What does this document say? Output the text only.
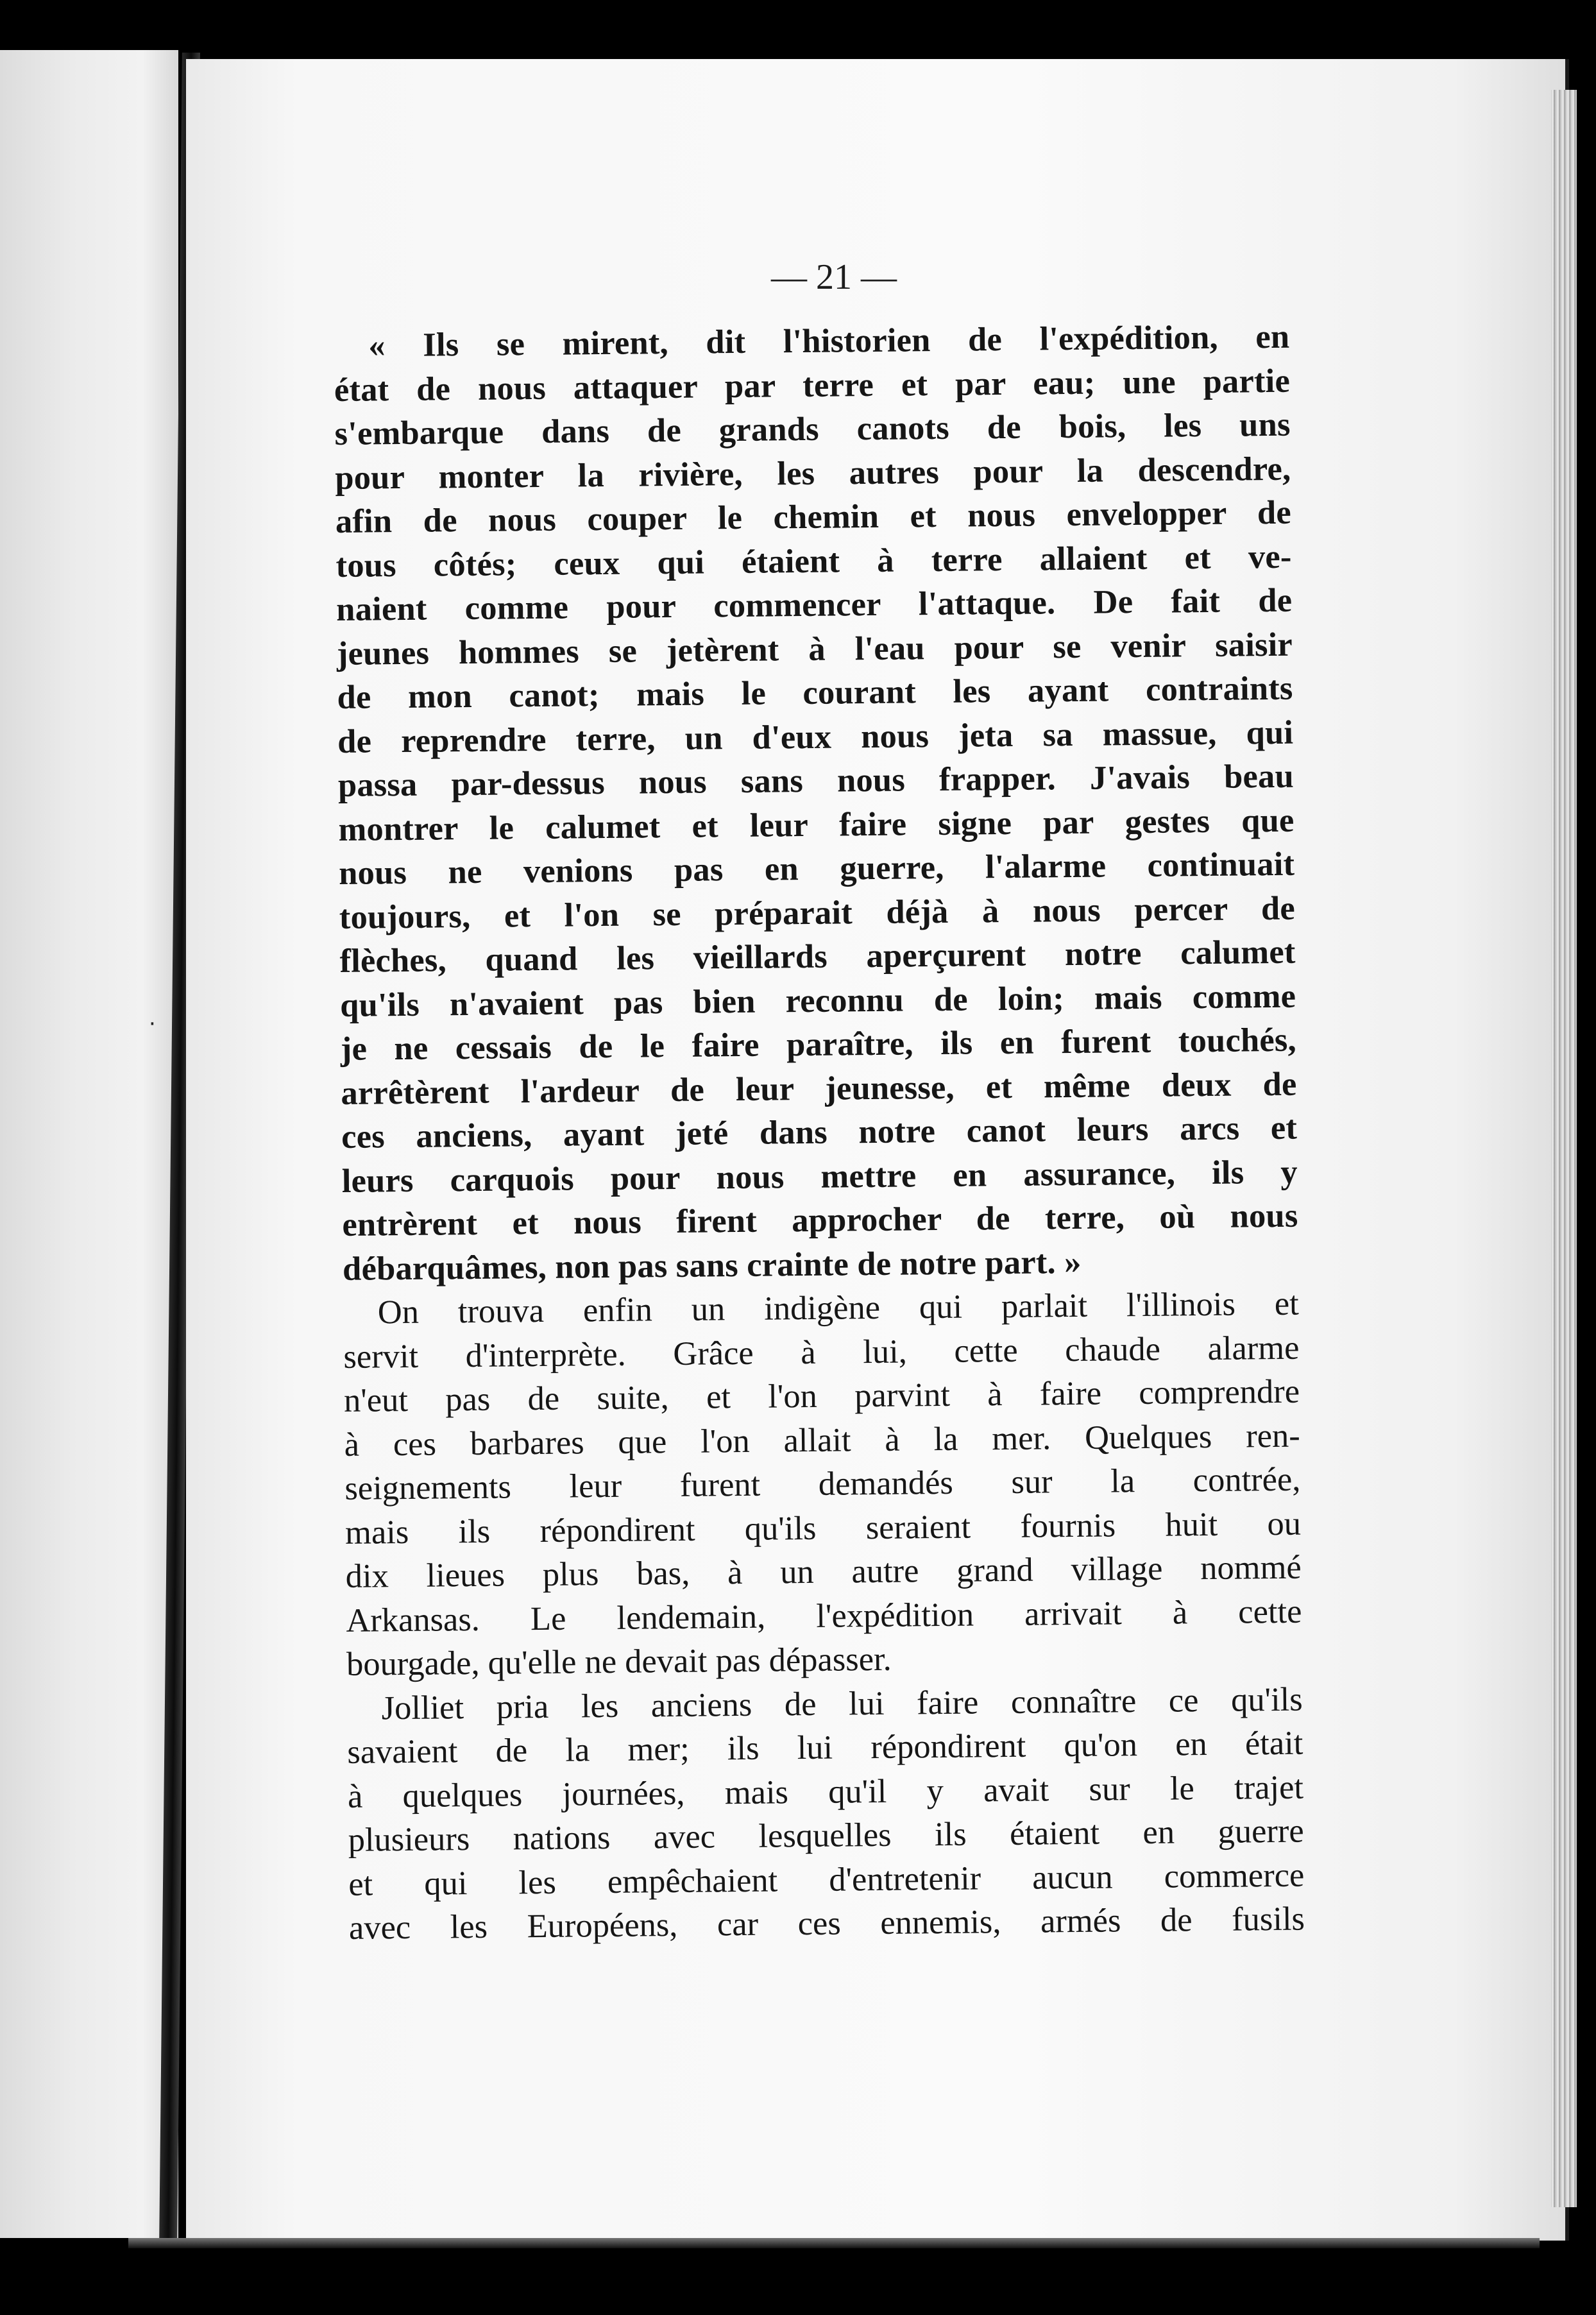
·
— 21 —
« Ils se mirent, dit l'historien de l'expédition, en
état de nous attaquer par terre et par eau; une partie
s'embarque dans de grands canots de bois, les uns
pour monter la rivière, les autres pour la descendre,
afin de nous couper le chemin et nous envelopper de
tous côtés; ceux qui étaient à terre allaient et ve-
naient comme pour commencer l'attaque. De fait de
jeunes hommes se jetèrent à l'eau pour se venir saisir
de mon canot; mais le courant les ayant contraints
de reprendre terre, un d'eux nous jeta sa massue, qui
passa par-dessus nous sans nous frapper. J'avais beau
montrer le calumet et leur faire signe par gestes que
nous ne venions pas en guerre, l'alarme continuait
toujours, et l'on se préparait déjà à nous percer de
flèches, quand les vieillards aperçurent notre calumet
qu'ils n'avaient pas bien reconnu de loin; mais comme
je ne cessais de le faire paraître, ils en furent touchés,
arrêtèrent l'ardeur de leur jeunesse, et même deux de
ces anciens, ayant jeté dans notre canot leurs arcs et
leurs carquois pour nous mettre en assurance, ils y
entrèrent et nous firent approcher de terre, où nous
débarquâmes, non pas sans crainte de notre part. »
On trouva enfin un indigène qui parlait l'illinois et
servit d'interprète. Grâce à lui, cette chaude alarme
n'eut pas de suite, et l'on parvint à faire comprendre
à ces barbares que l'on allait à la mer. Quelques ren-
seignements leur furent demandés sur la contrée,
mais ils répondirent qu'ils seraient fournis huit ou
dix lieues plus bas, à un autre grand village nommé
Arkansas. Le lendemain, l'expédition arrivait à cette
bourgade, qu'elle ne devait pas dépasser.
Jolliet pria les anciens de lui faire connaître ce qu'ils
savaient de la mer; ils lui répondirent qu'on en était
à quelques journées, mais qu'il y avait sur le trajet
plusieurs nations avec lesquelles ils étaient en guerre
et qui les empêchaient d'entretenir aucun commerce
avec les Européens, car ces ennemis, armés de fusils
